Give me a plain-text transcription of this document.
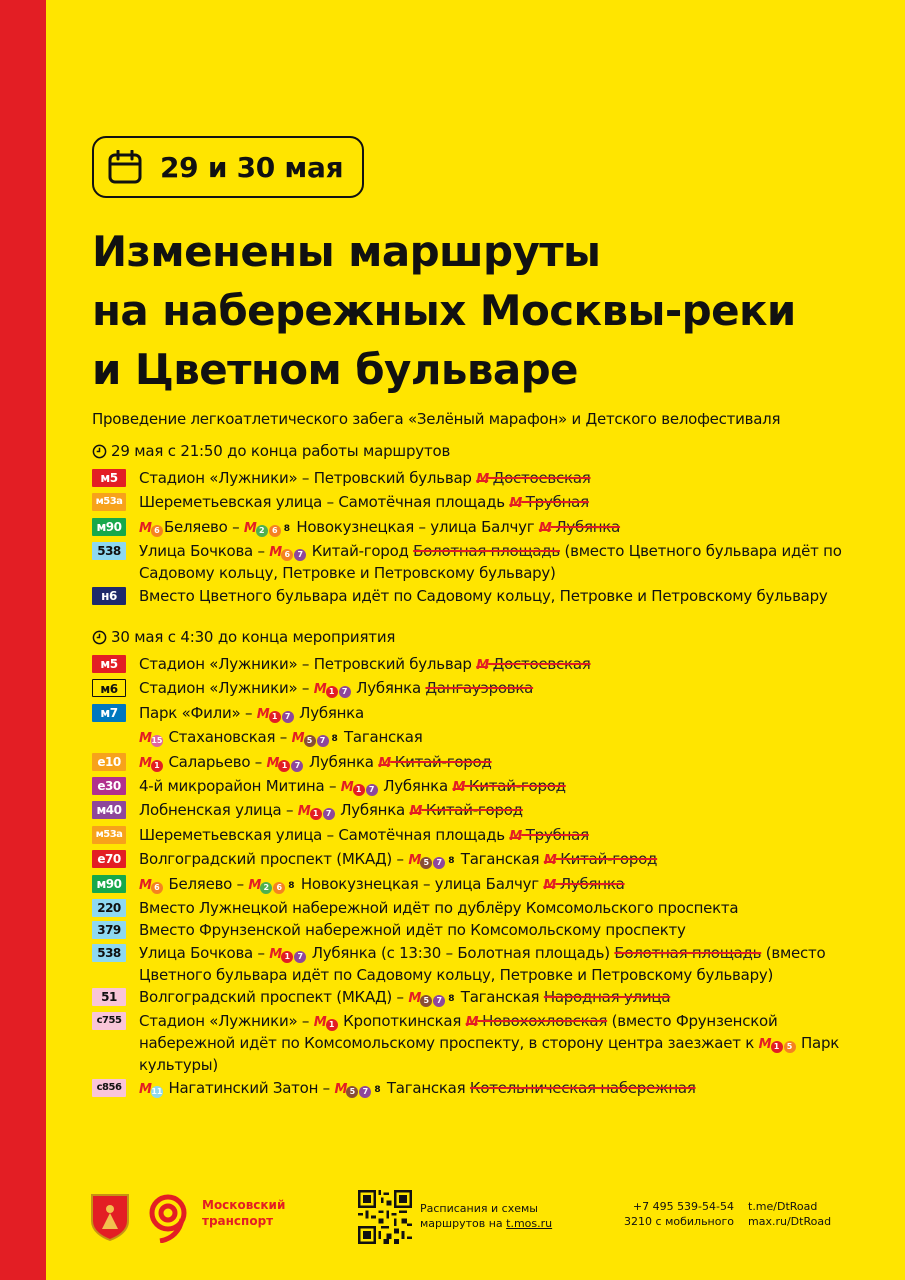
29 и 30 мая
Изменены маршруты
на набережных Москвы-реки
и Цветном бульваре
Проведение легкоатлетического забега «Зелёный марафон» и Детского велофестиваля
29 мая с 21:50 до конца работы маршрутов
м5	Стадион «Лужники» – Петровский бульвар M Достоевская
м53а Шереметьевская улица – Самотёчная площадь M Трубная
м90	M 6 Беляево – M 2 6 8 Новокузнецкая – улица Балчуг M Лубянка
538	Улица Бочкова – M 6 7 Китай-город Болотная площадь (вместо Цветного бульвара идёт по Садовому кольцу, Петровке и Петровскому бульвару)
н6	Вместо Цветного бульвара идёт по Садовому кольцу, Петровке и Петровскому бульвару
30 мая с 4:30 до конца мероприятия
м5	Стадион «Лужники» – Петровский бульвар M Достоевская
м6	Стадион «Лужники» – M 1 7 Лубянка Дангауэровка
м7	Парк «Фили» – M 1 7 Лубянка
M15 Стахановская – M 5 7 8 Таганская
е10	M 1 Саларьево – M 1 7 Лубянка M Китай-город
е30	4-й микрорайон Митина – M 1 7 Лубянка M Китай-город
м40	Лобненская улица – M 1 7 Лубянка M Китай-город
м53а Шереметьевская улица – Самотёчная площадь M Трубная
е70	Волгоградский проспект (МКАД) – M 5 7 8 Таганская M Китай-город
м90	M 6 Беляево – M 2 6 8 Новокузнецкая – улица Балчуг M Лубянка
220	Вместо Лужнецкой набережной идёт по дублёру Комсомольского проспекта
379	Вместо Фрунзенской набережной идёт по Комсомольскому проспекту
538	Улица Бочкова – M 1 7 Лубянка (с 13:30 – Болотная площадь) Болотная площадь (вместо Цветного бульвара идёт по Садовому кольцу, Петровке и Петровскому бульвару)
51	Волгоградский проспект (МКАД) – M 5 7 8 Таганская Народная улица
с755	Стадион «Лужники» – M 1 Кропоткинская M Новохохловская (вместо Фрунзенской набережной идёт по Комсомольскому проспекту, в сторону центра заезжает к M 1 5 Парк культуры)
с856	M11 Нагатинский Затон – M 5 7 8 Таганская Котельническая набережная
Московский
транспорт
Расписания и схемы
маршрутов на t.mos.ru
+7 495 539-54-54
3210 с мобильного
t.me/DtRoad
max.ru/DtRoad
